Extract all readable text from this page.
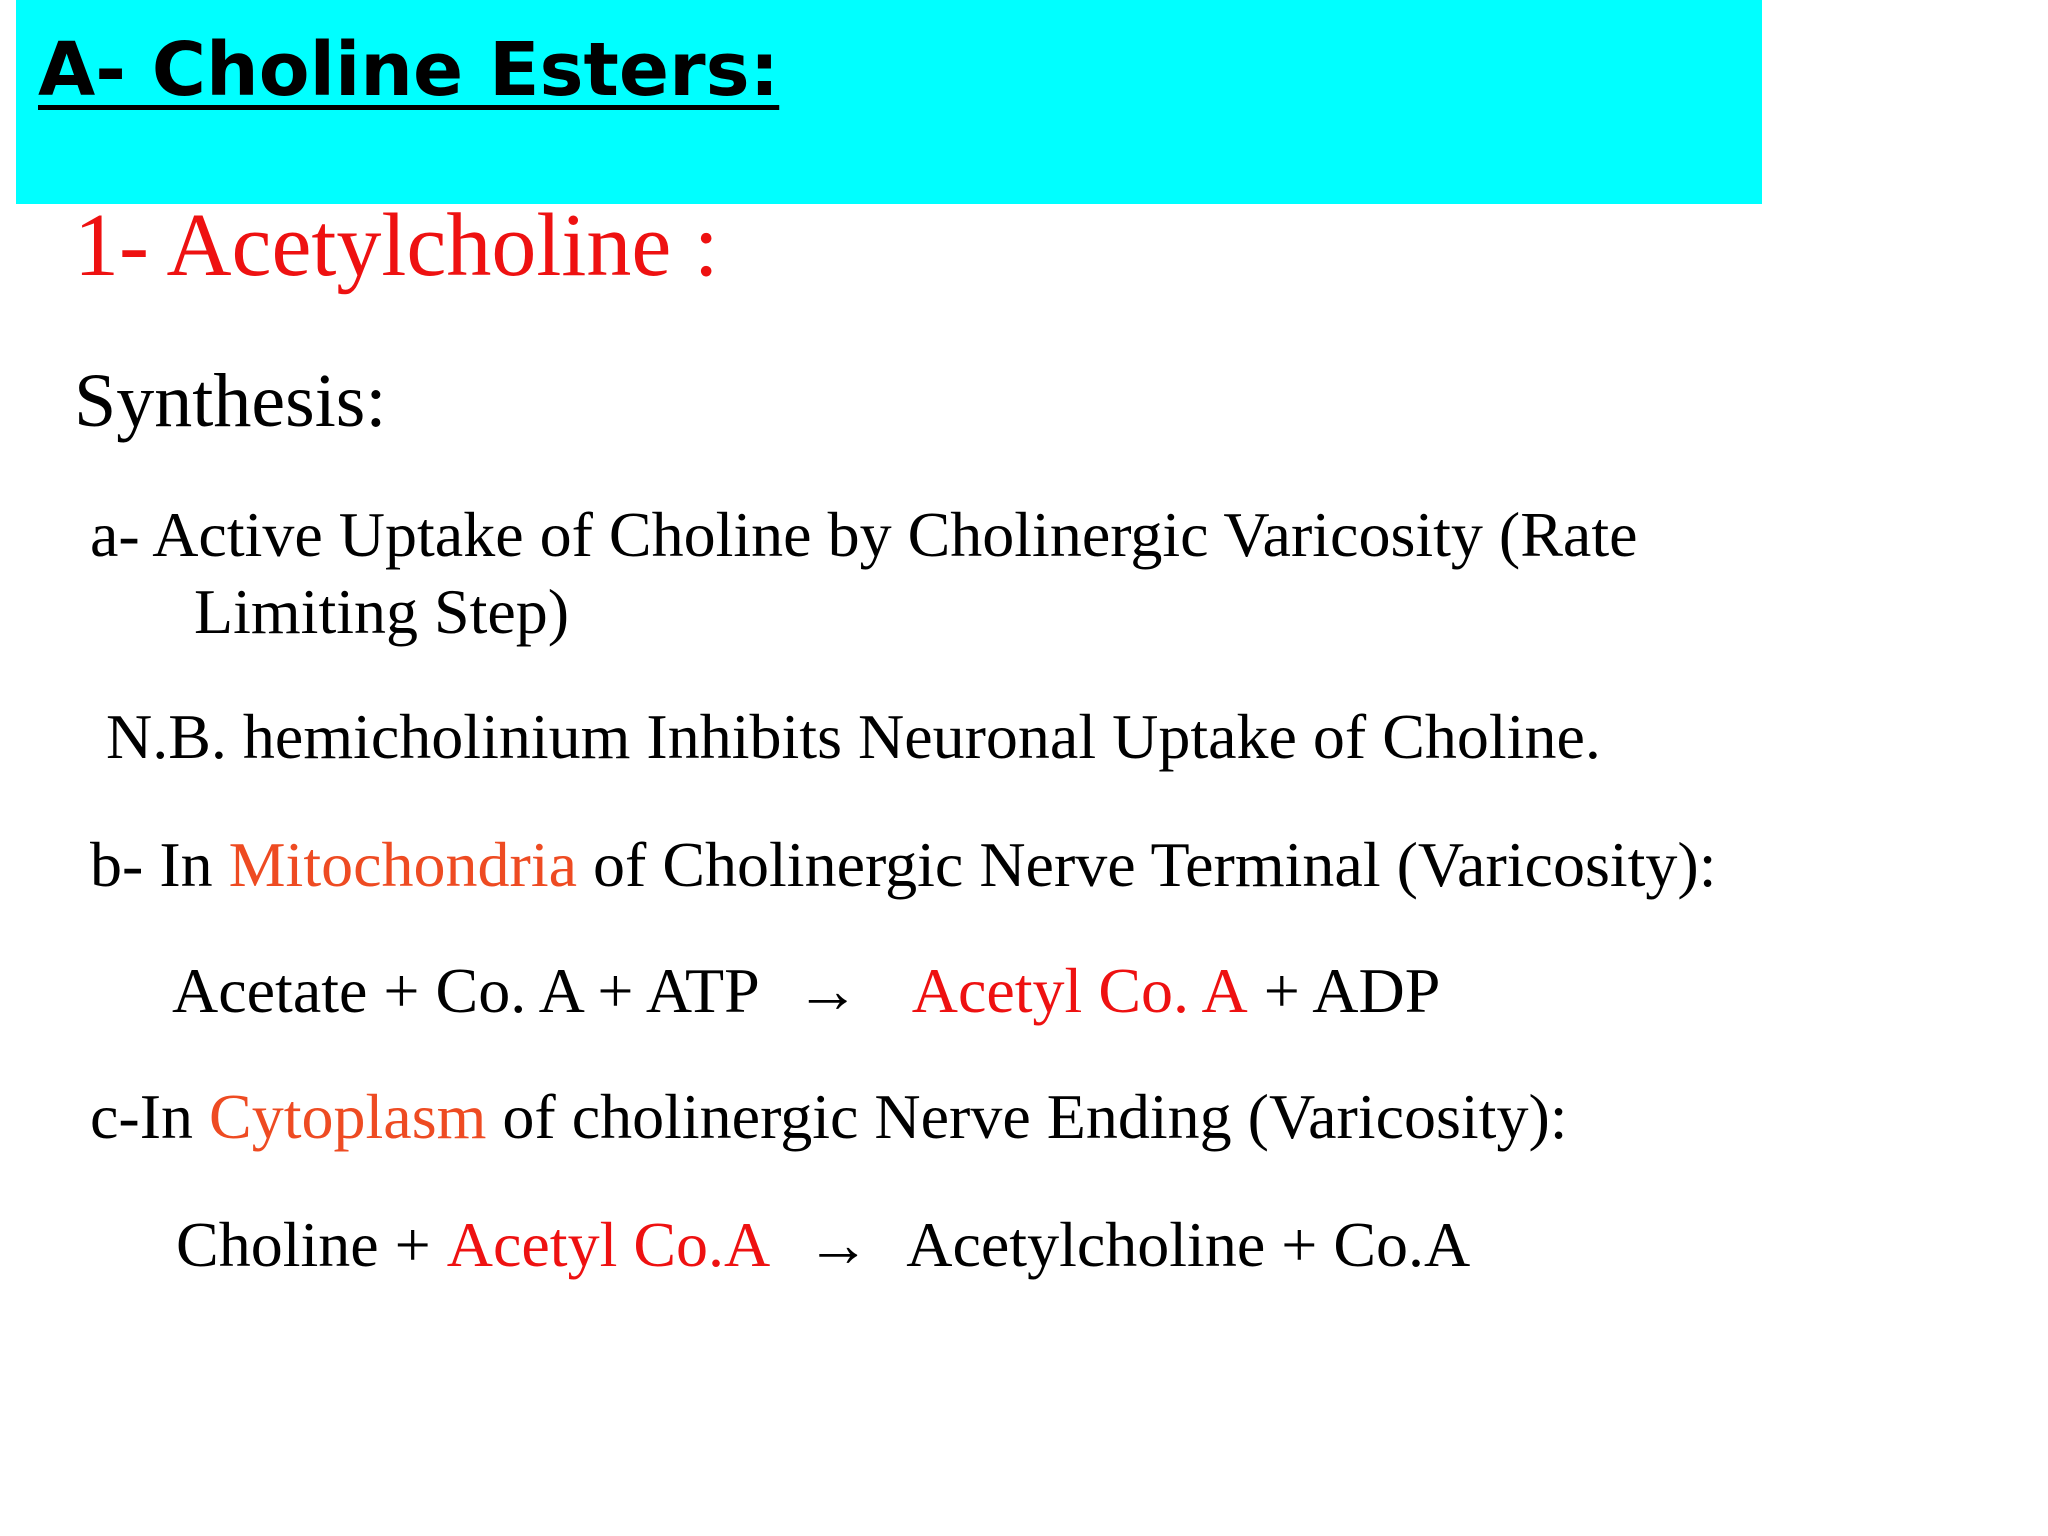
A- Choline Esters:
1- Acetylcholine :
Synthesis:
a- Active Uptake of Choline by Cholinergic Varicosity (Rate
Limiting Step)
N.B. hemicholinium Inhibits Neuronal Uptake of Choline.
b- In Mitochondria of Cholinergic Nerve Terminal (Varicosity):
Acetate + Co. A + ATP → Acetyl Co. A + ADP
c-In Cytoplasm of cholinergic Nerve Ending (Varicosity):
Choline + Acetyl Co.A → Acetylcholine + Co.A
